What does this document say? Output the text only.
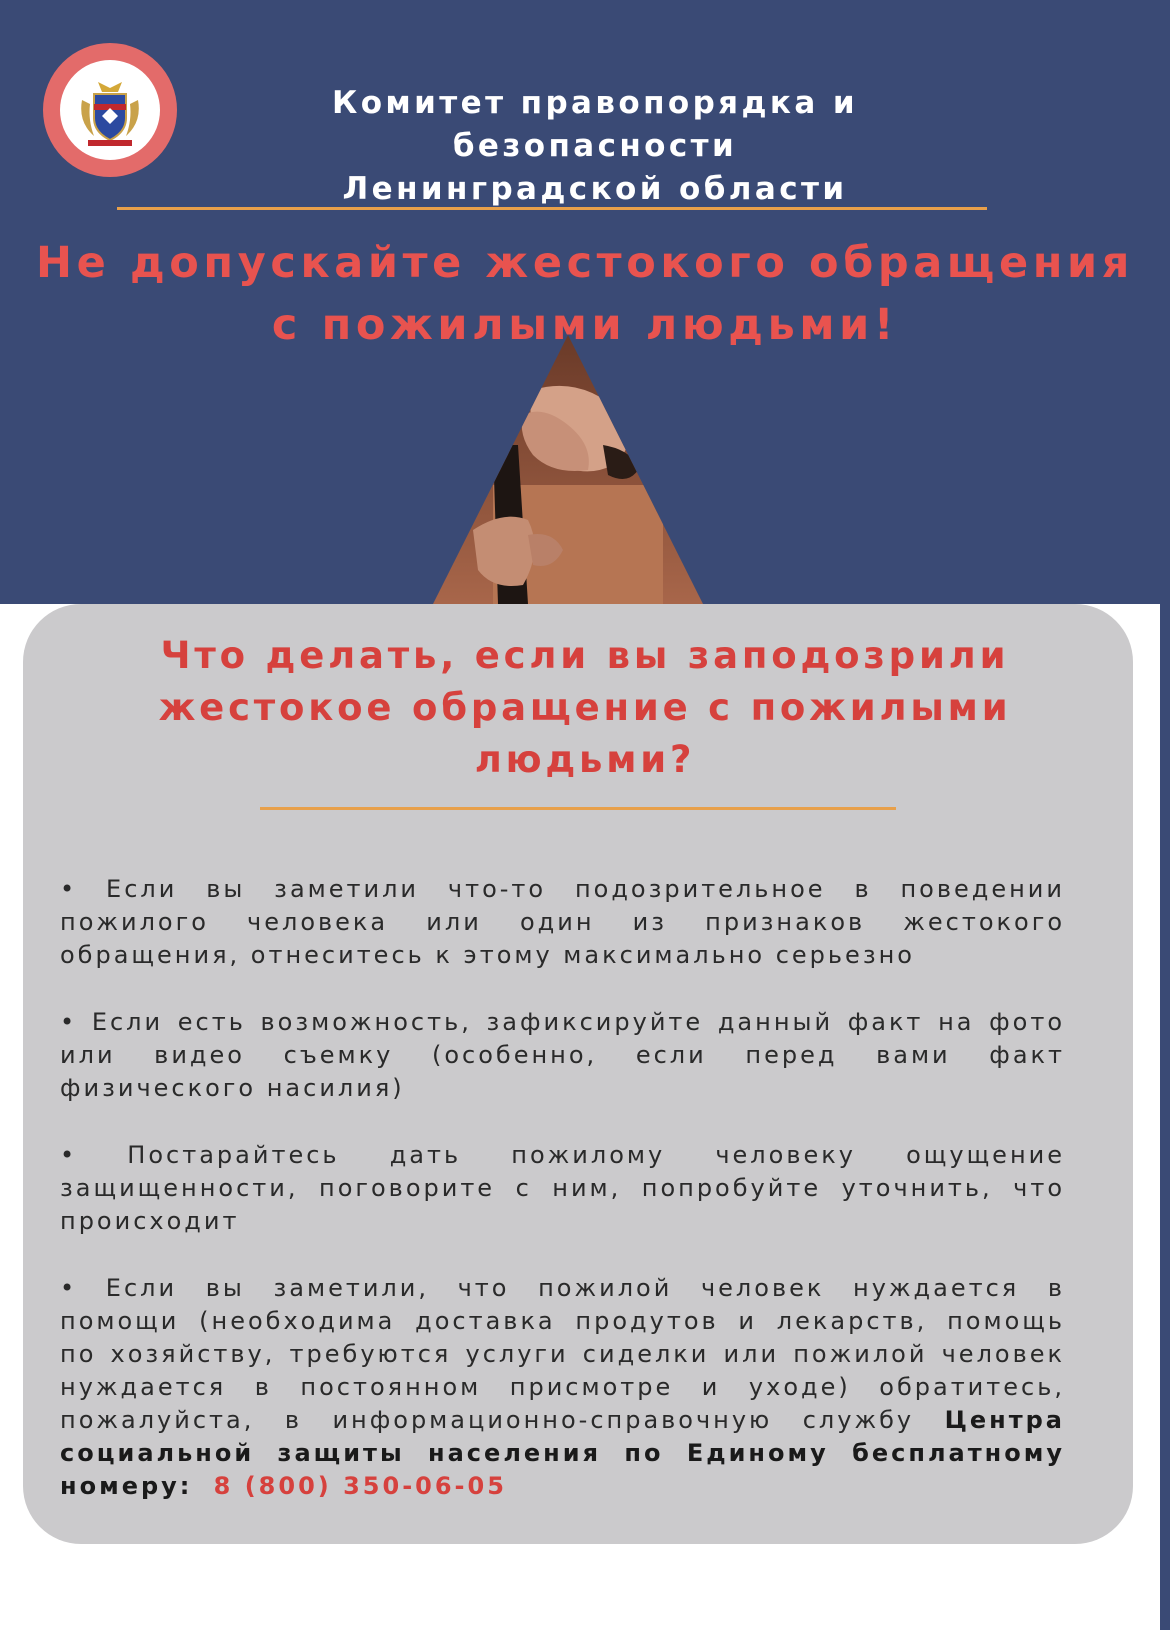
Комитет правопорядка и безопасности
Ленинградской области
Не допускайте жестокого обращения
с пожилыми людьми!
Что делать, если вы заподозрили
жестокое обращение с пожилыми
людьми?
• Если вы заметили что-то подозрительное в поведении
пожилого человека или один из признаков жестокого
обращения, отнеситесь к этому максимально серьезно
• Если есть возможность, зафиксируйте данный факт на фото
или видео съемку (особенно, если перед вами факт
физического насилия)
• Постарайтесь дать пожилому человеку ощущение
защищенности, поговорите с ним, попробуйте уточнить, что
происходит
• Если вы заметили, что пожилой человек нуждается в
помощи (необходима доставка продутов и лекарств, помощь
по хозяйству, требуются услуги сиделки или пожилой человек
нуждается в постоянном присмотре и уходе) обратитесь,
пожалуйста, в информационно-справочную службу Центра
социальной защиты населения по Единому бесплатному
номеру: 8 (800) 350-06-05
